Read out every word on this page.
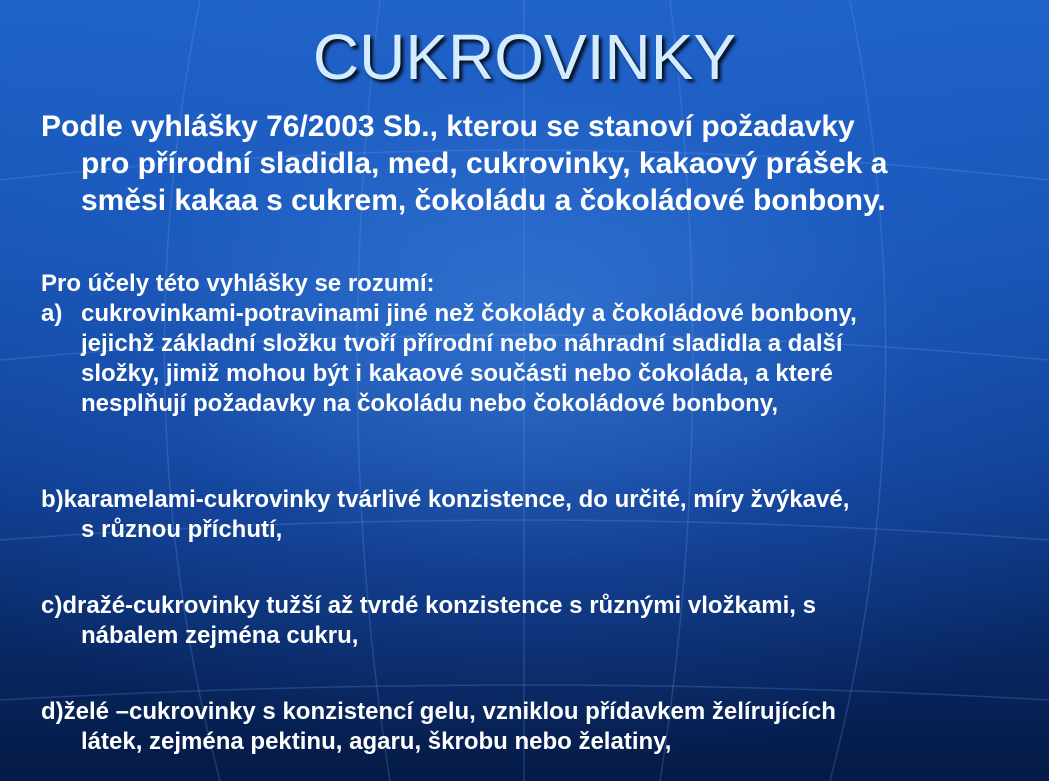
CUKROVINKY
Podle vyhlášky 76/2003 Sb., kterou se stanoví požadavky
pro přírodní sladidla, med, cukrovinky, kakaový prášek a
směsi kakaa s cukrem, čokoládu a čokoládové bonbony.
Pro účely této vyhlášky se rozumí:
a) cukrovinkami-potravinami jiné než čokolády a čokoládové bonbony,
jejichž základní složku tvoří přírodní nebo náhradní sladidla a další
složky, jimiž mohou být i kakaové součásti nebo čokoláda, a které
nesplňují požadavky na čokoládu nebo čokoládové bonbony,
b)karamelami-cukrovinky tvárlivé konzistence, do určité, míry žvýkavé,
s různou příchutí,
c)dražé-cukrovinky tužší až tvrdé konzistence s různými vložkami, s
nábalem zejména cukru,
d)želé –cukrovinky s konzistencí gelu, vzniklou přídavkem želírujících
látek, zejména pektinu, agaru, škrobu nebo želatiny,
